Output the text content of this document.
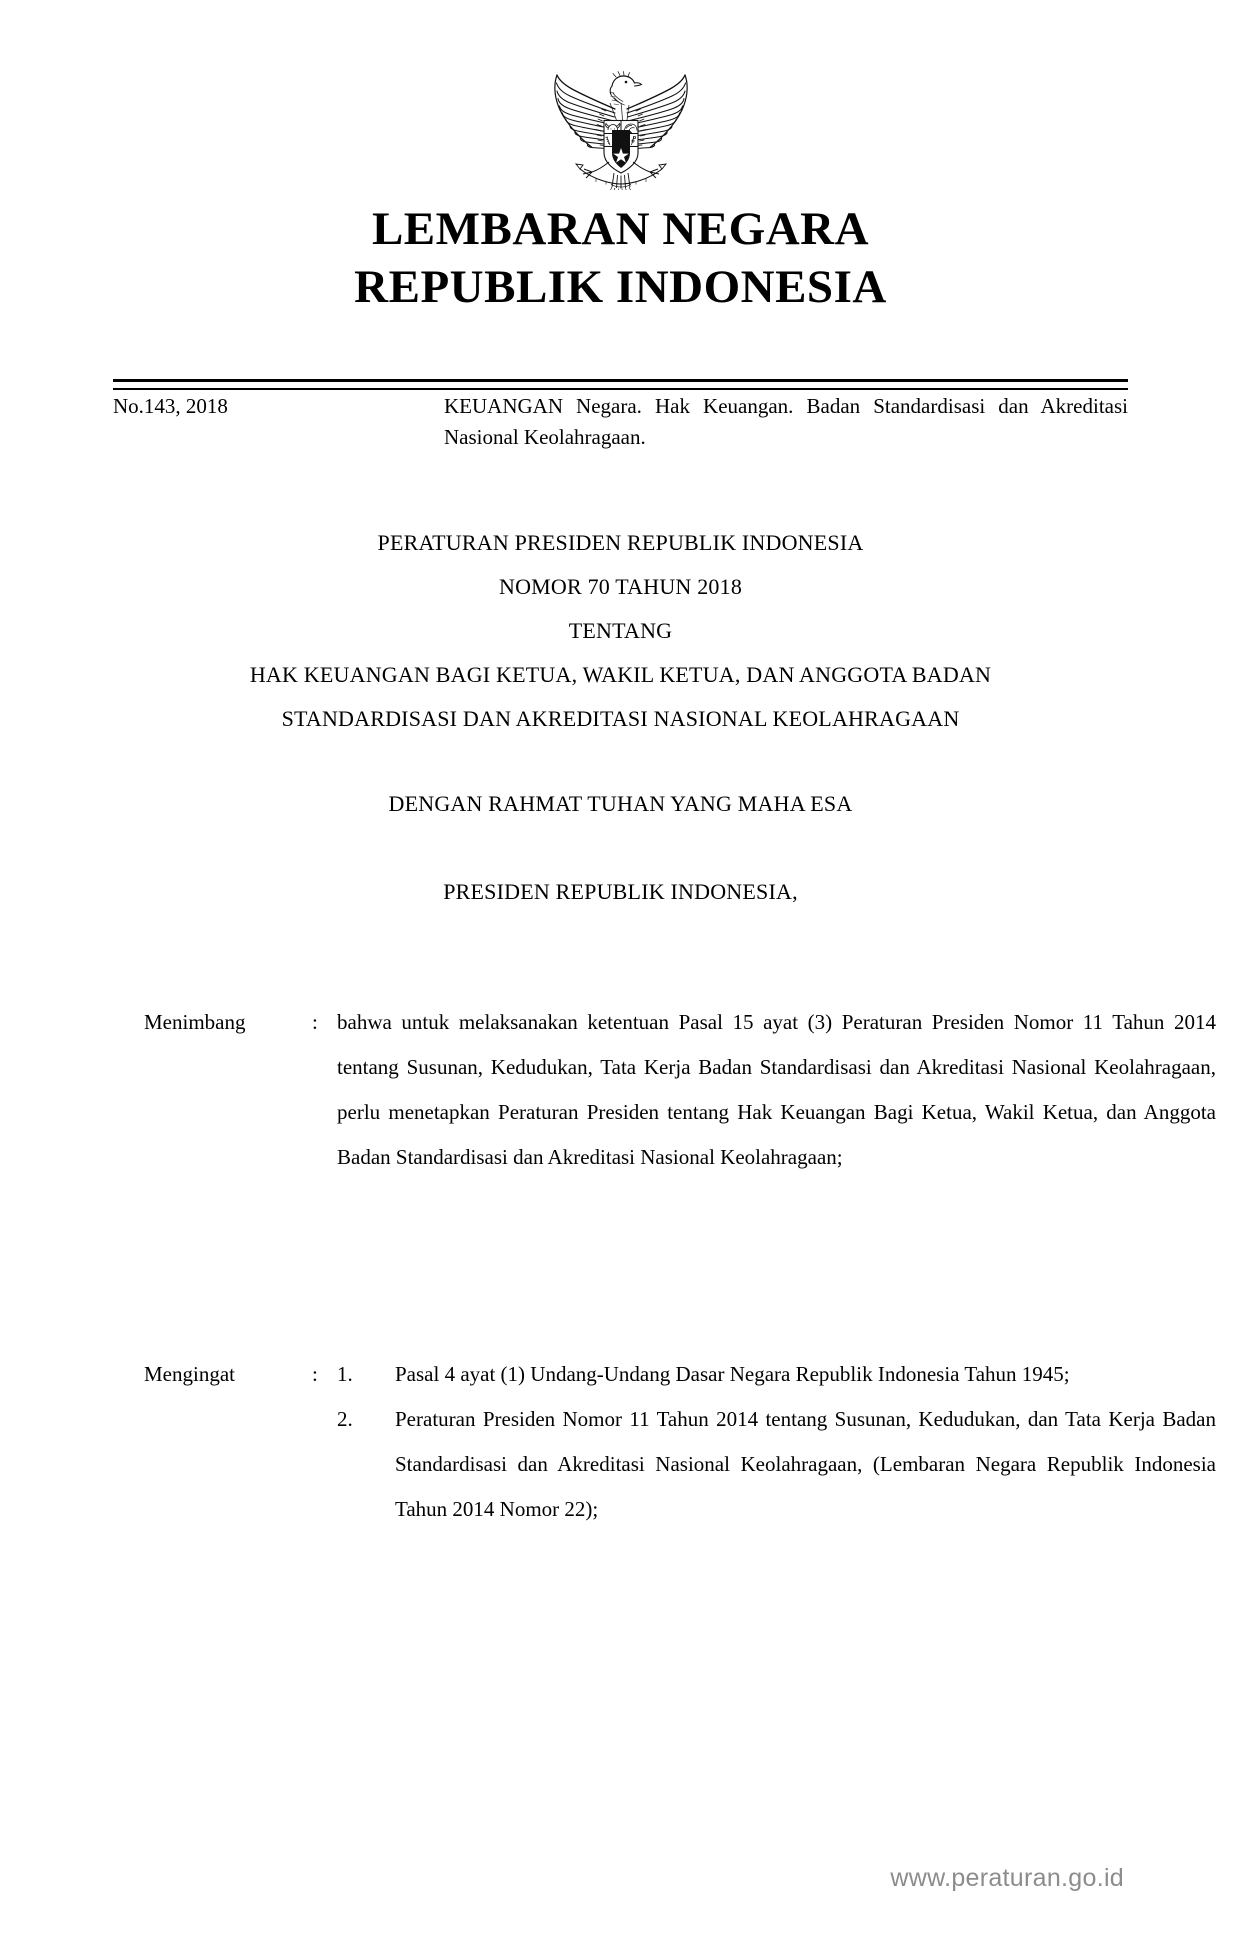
LEMBARAN NEGARA
REPUBLIK INDONESIA
No.143, 2018	KEUANGAN Negara. Hak Keuangan. Badan Standardisasi dan Akreditasi Nasional Keolahragaan.
PERATURAN PRESIDEN REPUBLIK INDONESIA
NOMOR 70 TAHUN 2018
TENTANG
HAK KEUANGAN BAGI KETUA, WAKIL KETUA, DAN ANGGOTA BADAN
STANDARDISASI DAN AKREDITASI NASIONAL KEOLAHRAGAAN
DENGAN RAHMAT TUHAN YANG MAHA ESA
PRESIDEN REPUBLIK INDONESIA,
Menimbang	: bahwa untuk melaksanakan ketentuan Pasal 15 ayat (3) Peraturan Presiden Nomor 11 Tahun 2014 tentang Susunan, Kedudukan, Tata Kerja Badan Standardisasi dan Akreditasi Nasional Keolahragaan, perlu menetapkan Peraturan Presiden tentang Hak Keuangan Bagi Ketua, Wakil Ketua, dan Anggota Badan Standardisasi dan Akreditasi Nasional Keolahragaan;
Mengingat	: 1.	Pasal 4 ayat (1) Undang-Undang Dasar Negara Republik Indonesia Tahun 1945;
2.	Peraturan Presiden Nomor 11 Tahun 2014 tentang Susunan, Kedudukan, dan Tata Kerja Badan Standardisasi dan Akreditasi Nasional Keolahragaan, (Lembaran Negara Republik Indonesia Tahun 2014 Nomor 22);
www.peraturan.go.id
